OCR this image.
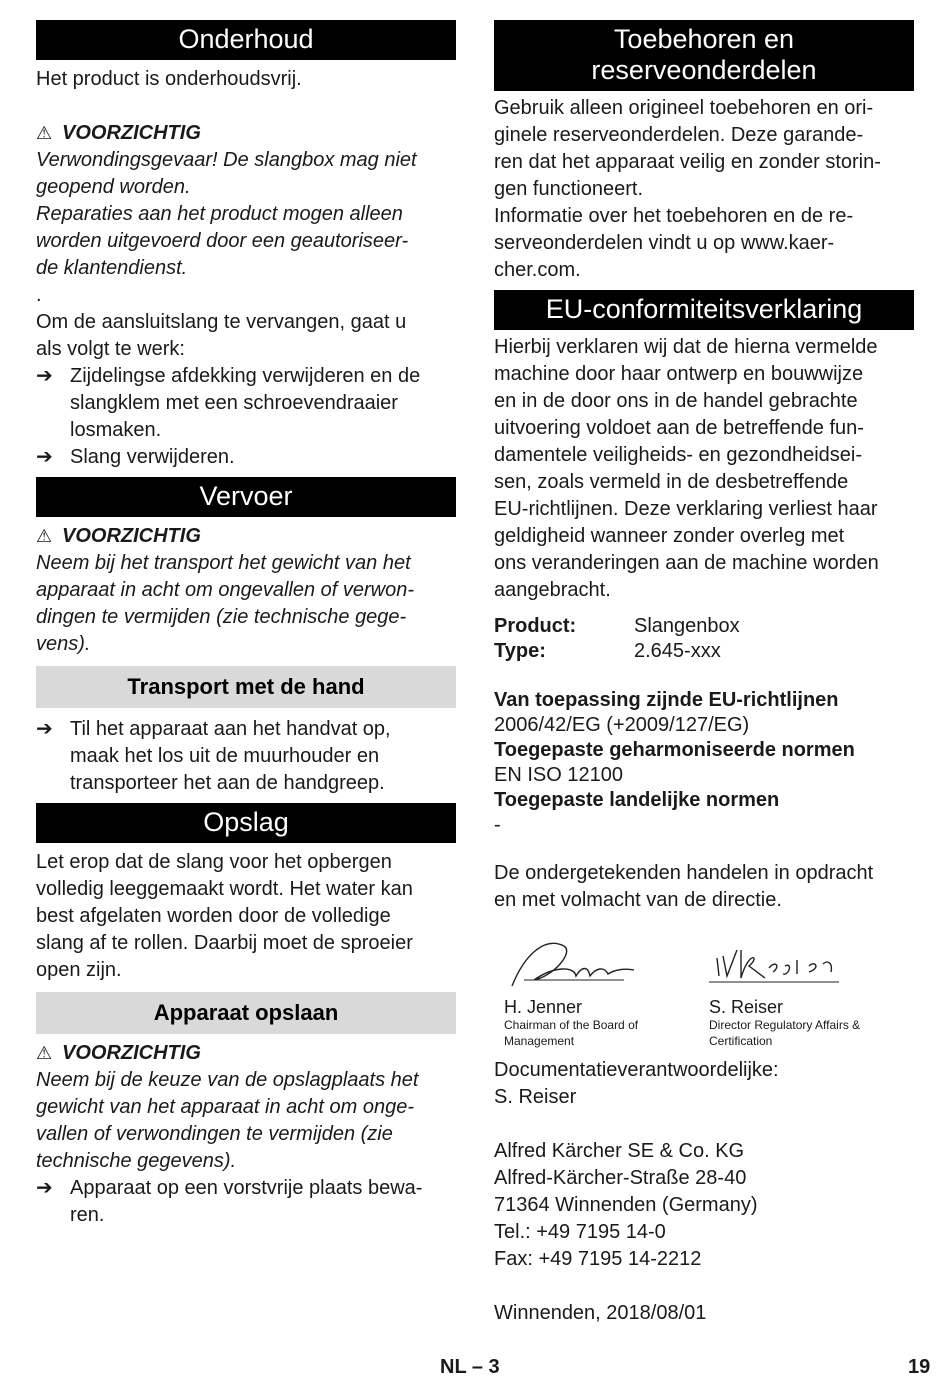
Onderhoud
Het product is onderhoudsvrij.
⚠ VOORZICHTIG
Verwondingsgevaar! De slangbox mag niet
geopend worden.
Reparaties aan het product mogen alleen
worden uitgevoerd door een geautoriseer-
de klantendienst.
.
Om de aansluitslang te vervangen, gaat u
als volgt te werk:
➔ Zijdelingse afdekking verwijderen en de
slangklem met een schroevendraaier
losmaken.
➔ Slang verwijderen.
Vervoer
⚠ VOORZICHTIG
Neem bij het transport het gewicht van het
apparaat in acht om ongevallen of verwon-
dingen te vermijden (zie technische gege-
vens).
Transport met de hand
➔ Til het apparaat aan het handvat op,
maak het los uit de muurhouder en
transporteer het aan de handgreep.
Opslag
Let erop dat de slang voor het opbergen
volledig leeggemaakt wordt. Het water kan
best afgelaten worden door de volledige
slang af te rollen. Daarbij moet de sproeier
open zijn.
Apparaat opslaan
⚠ VOORZICHTIG
Neem bij de keuze van de opslagplaats het
gewicht van het apparaat in acht om onge-
vallen of verwondingen te vermijden (zie
technische gegevens).
➔ Apparaat op een vorstvrije plaats bewa-
ren.
Toebehoren en
reserveonderdelen
Gebruik alleen origineel toebehoren en ori-
ginele reserveonderdelen. Deze garande-
ren dat het apparaat veilig en zonder storin-
gen functioneert.
Informatie over het toebehoren en de re-
serveonderdelen vindt u op www.kaer-
cher.com.
EU-conformiteitsverklaring
Hierbij verklaren wij dat de hierna vermelde
machine door haar ontwerp en bouwwijze
en in de door ons in de handel gebrachte
uitvoering voldoet aan de betreffende fun-
damentele veiligheids- en gezondheidsei-
sen, zoals vermeld in de desbetreffende
EU-richtlijnen. Deze verklaring verliest haar
geldigheid wanneer zonder overleg met
ons veranderingen aan de machine worden
aangebracht.
Product:	Slangenbox
Type:	2.645-xxx
Van toepassing zijnde EU-richtlijnen
2006/42/EG (+2009/127/EG)
Toegepaste geharmoniseerde normen
EN ISO 12100
Toegepaste landelijke normen
-
De ondergetekenden handelen in opdracht
en met volmacht van de directie.
H. Jenner
Chairman of the Board of Management
S. Reiser
Director Regulatory Affairs & Certification
Documentatieverantwoordelijke:
S. Reiser
Alfred Kärcher SE & Co. KG
Alfred-Kärcher-Straße 28-40
71364 Winnenden (Germany)
Tel.: +49 7195 14-0
Fax: +49 7195 14-2212
Winnenden, 2018/08/01
NL – 3	19
